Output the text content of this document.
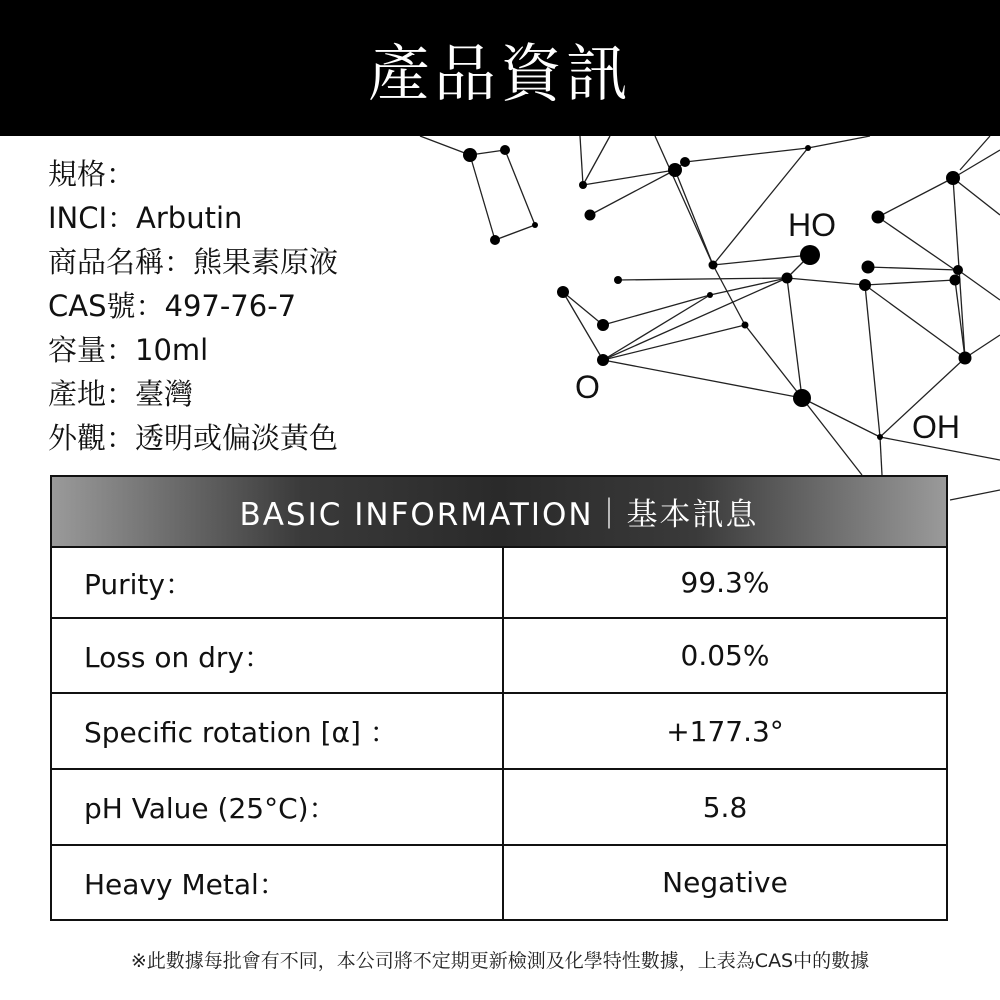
HO
O
OH
產品資訊
規格：
INCI：Arbutin
商品名稱：熊果素原液
CAS號：497-76-7
容量：10ml
產地：臺灣
外觀：透明或偏淡黃色
BASIC INFORMATION｜基本訊息
Purity：	99.3%
Loss on dry：	0.05%
Specific rotation [α] ：	+177.3°
pH Value (25°C)：	5.8
Heavy Metal：	Negative
※此數據每批會有不同，本公司將不定期更新檢測及化學特性數據，上表為CAS中的數據
